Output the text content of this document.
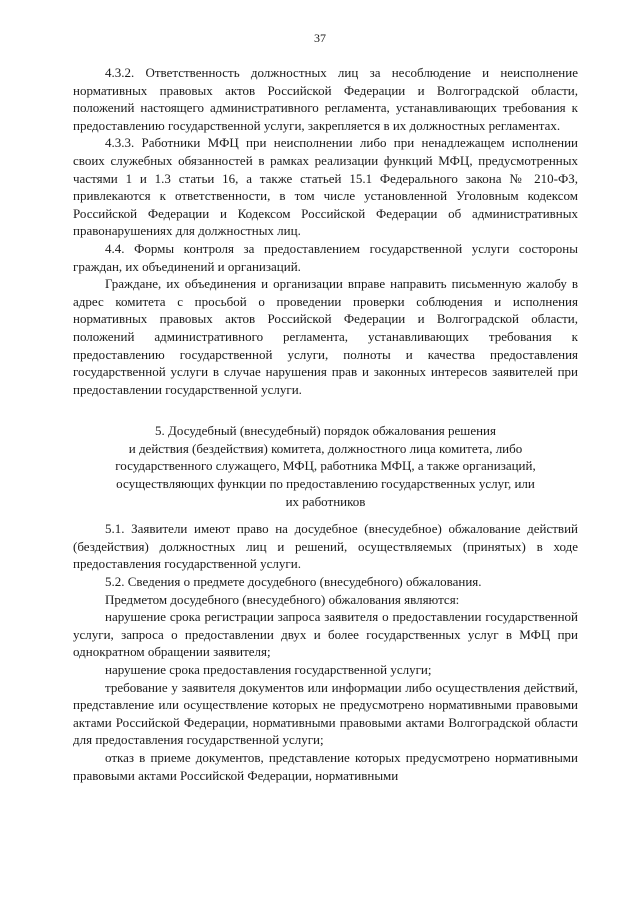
37

4.3.2. Ответственность должностных лиц за несоблюдение и неисполнение нормативных правовых актов Российской Федерации и Волгоградской области, положений настоящего административного регламента, устанавливающих требования к предоставлению государственной услуги, закрепляется в их должностных регламентах.

4.3.3. Работники МФЦ при неисполнении либо при ненадлежащем исполнении своих служебных обязанностей в рамках реализации функций МФЦ, предусмотренных частями 1 и 1.3 статьи 16, а также статьей 15.1 Федерального закона № 210-ФЗ, привлекаются к ответственности, в том числе установленной Уголовным кодексом Российской Федерации и Кодексом Российской Федерации об административных правонарушениях для должностных лиц.

4.4. Формы контроля за предоставлением государственной услуги состороны граждан, их объединений и организаций.

Граждане, их объединения и организации вправе направить письменную жалобу в адрес комитета с просьбой о проведении проверки соблюдения и исполнения нормативных правовых актов Российской Федерации и Волгоградской области, положений административного регламента, устанавливающих требования к предоставлению государственной услуги, полноты и качества предоставления государственной услуги в случае нарушения прав и законных интересов заявителей при предоставлении государственной услуги.

5. Досудебный (внесудебный) порядок обжалования решения
и действия (бездействия) комитета, должностного лица комитета, либо
государственного служащего, МФЦ, работника МФЦ, а также организаций,
осуществляющих функции по предоставлению государственных услуг, или
их работников

5.1. Заявители имеют право на досудебное (внесудебное) обжалование действий (бездействия) должностных лиц и решений, осуществляемых (принятых) в ходе предоставления государственной услуги.

5.2. Сведения о предмете досудебного (внесудебного) обжалования.

Предметом досудебного (внесудебного) обжалования являются:

нарушение срока регистрации запроса заявителя о предоставлении государственной услуги, запроса о предоставлении двух и более государственных услуг в МФЦ при однократном обращении заявителя;

нарушение срока предоставления государственной услуги;

требование у заявителя документов или информации либо осуществления действий, представление или осуществление которых не предусмотрено нормативными правовыми актами Российской Федерации, нормативными правовыми актами Волгоградской области для предоставления государственной услуги;

отказ в приеме документов, представление которых предусмотрено нормативными правовыми актами Российской Федерации, нормативными
